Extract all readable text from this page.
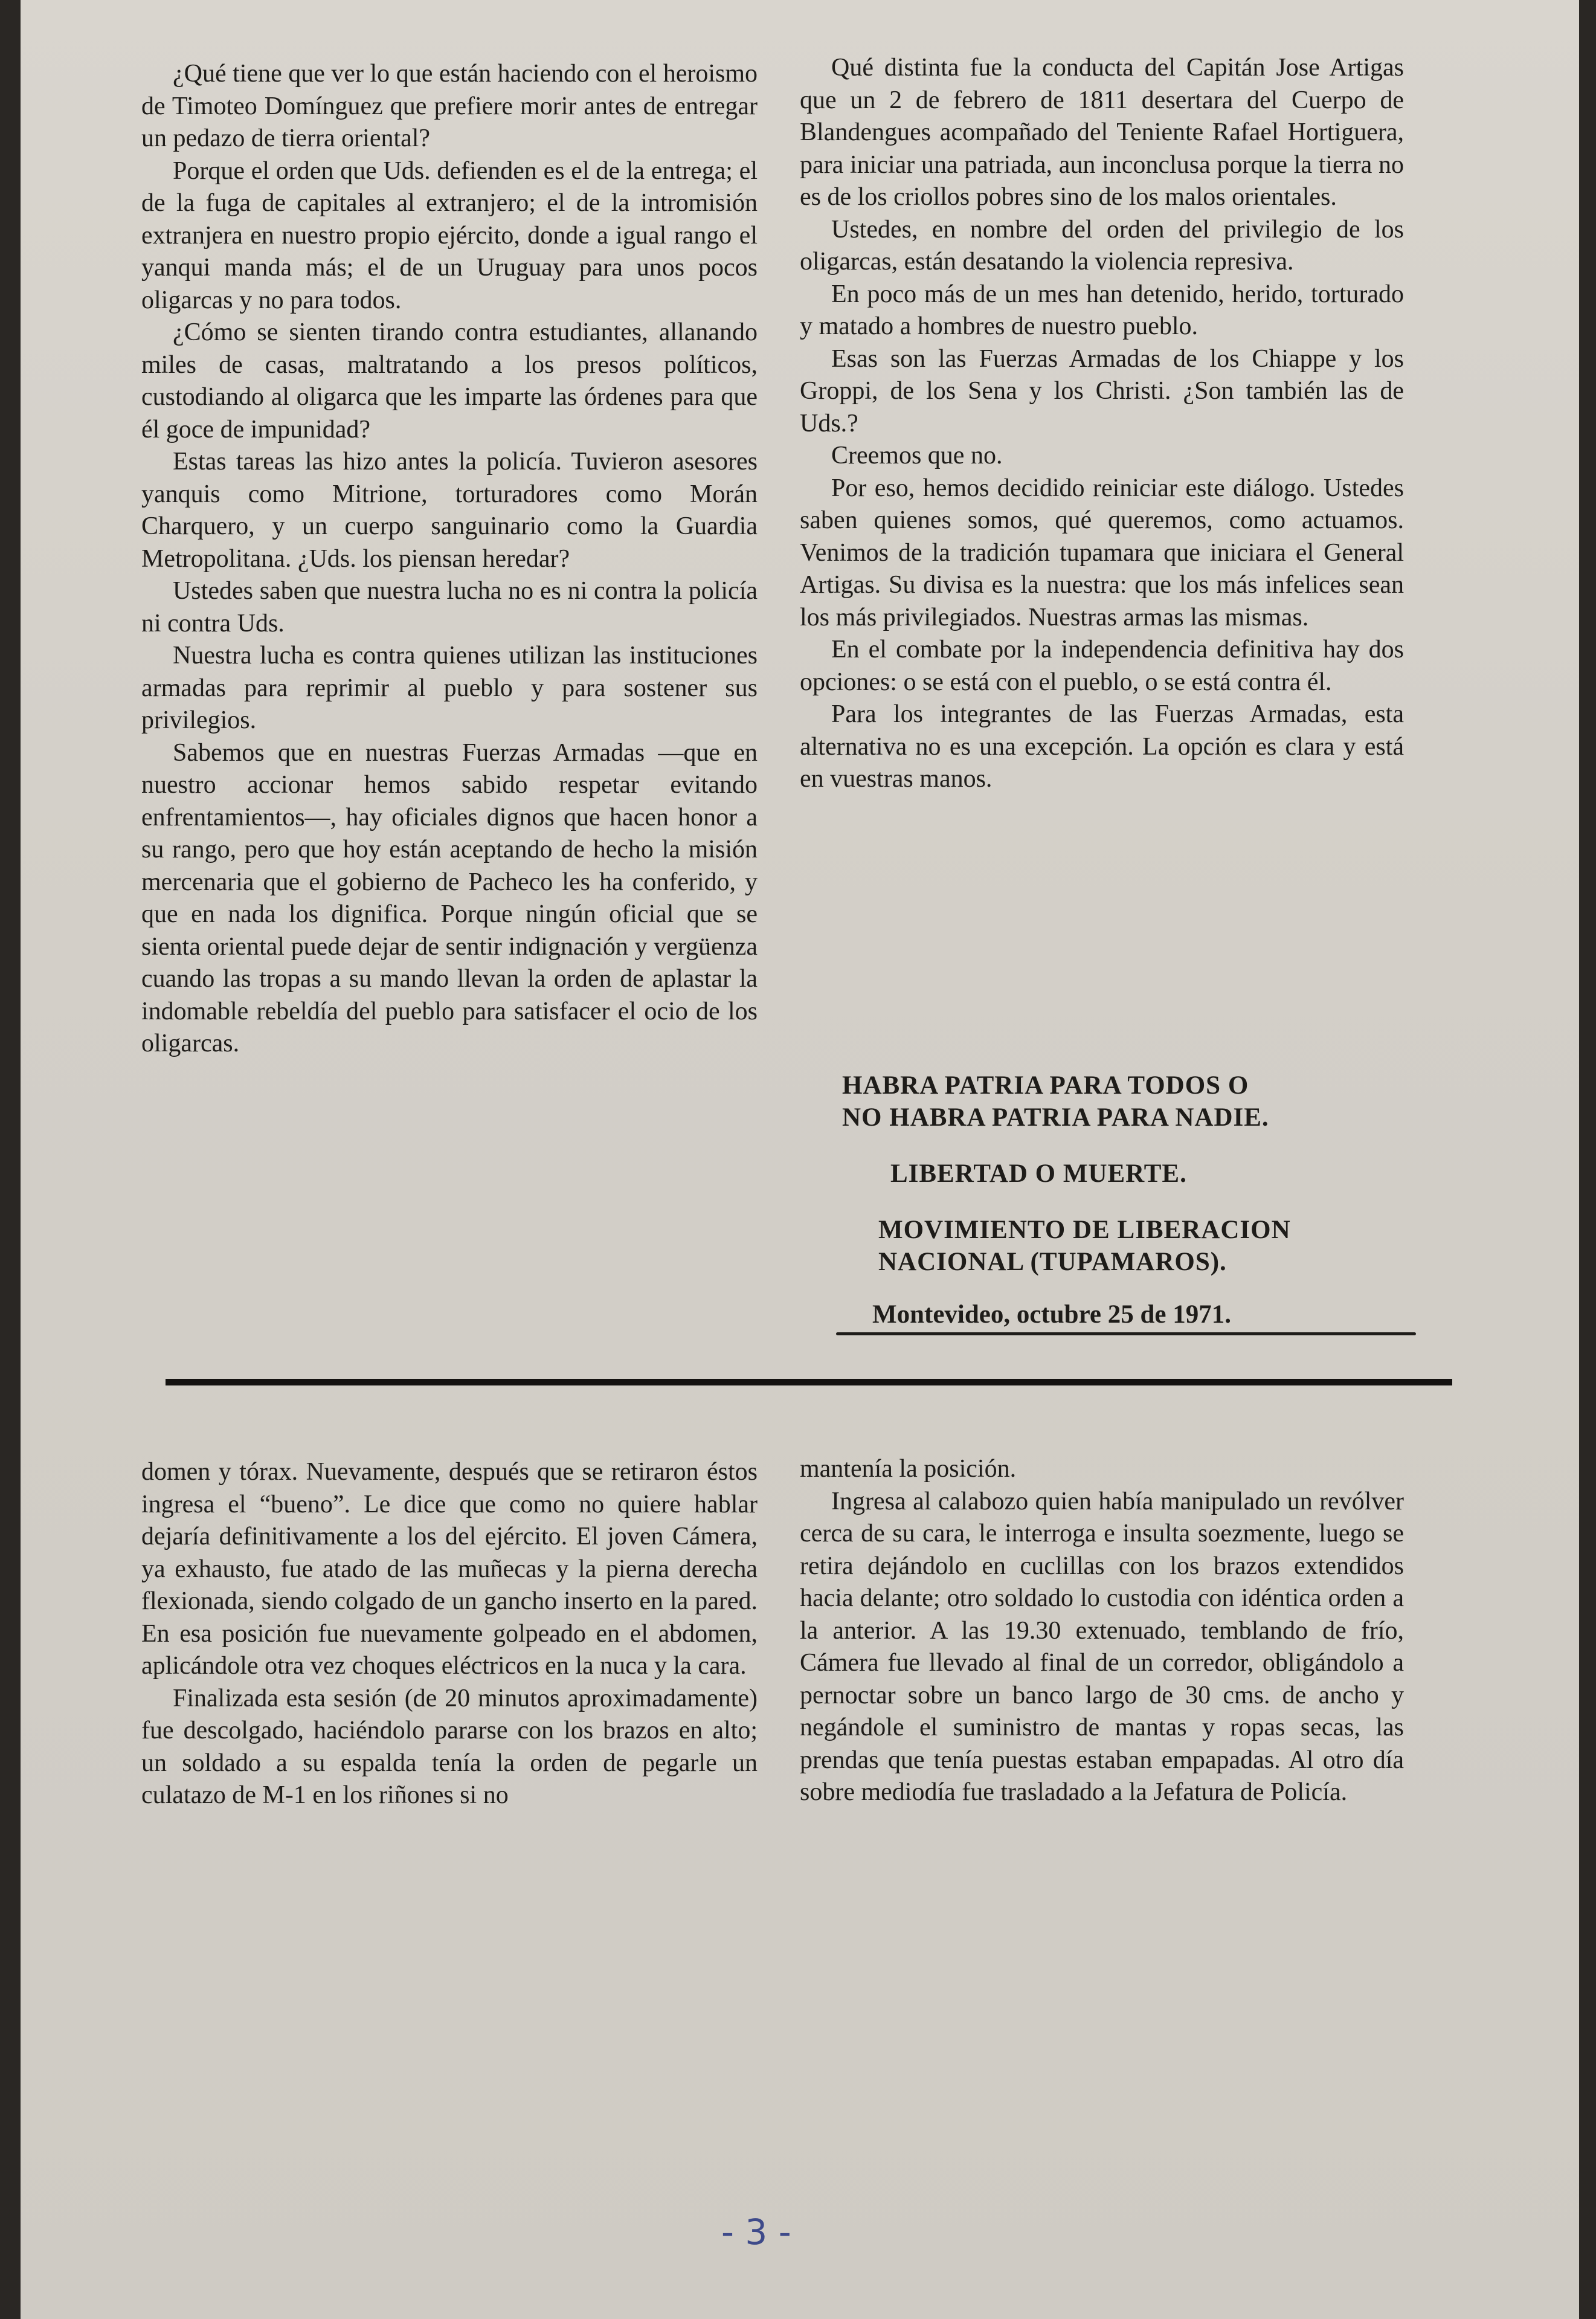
¿Qué tiene que ver lo que están haciendo con el heroismo de Timoteo Domínguez que prefiere morir antes de entregar un pedazo de tierra oriental?

Porque el orden que Uds. defienden es el de la entrega; el de la fuga de capitales al extranjero; el de la intromisión extranjera en nuestro propio ejército, donde a igual rango el yanqui manda más; el de un Uruguay para unos pocos oligarcas y no para todos.

¿Cómo se sienten tirando contra estudiantes, allanando miles de casas, maltratando a los presos políticos, custodiando al oligarca que les imparte las órdenes para que él goce de impunidad?

Estas tareas las hizo antes la policía. Tuvieron asesores yanquis como Mitrione, torturadores como Morán Charquero, y un cuerpo sanguinario como la Guardia Metropolitana. ¿Uds. los piensan heredar?

Ustedes saben que nuestra lucha no es ni contra la policía ni contra Uds.

Nuestra lucha es contra quienes utilizan las instituciones armadas para reprimir al pueblo y para sostener sus privilegios.

Sabemos que en nuestras Fuerzas Armadas —que en nuestro accionar hemos sabido respetar evitando enfrentamientos—, hay oficiales dignos que hacen honor a su rango, pero que hoy están aceptando de hecho la misión mercenaria que el gobierno de Pacheco les ha conferido, y que en nada los dignifica. Porque ningún oficial que se sienta oriental puede dejar de sentir indignación y vergüenza cuando las tropas a su mando llevan la orden de aplastar la indomable rebeldía del pueblo para satisfacer el ocio de los oligarcas.

Qué distinta fue la conducta del Capitán Jose Artigas que un 2 de febrero de 1811 desertara del Cuerpo de Blandengues acompañado del Teniente Rafael Hortiguera, para iniciar una patriada, aun inconclusa porque la tierra no es de los criollos pobres sino de los malos orientales.

Ustedes, en nombre del orden del privilegio de los oligarcas, están desatando la violencia represiva.

En poco más de un mes han detenido, herido, torturado y matado a hombres de nuestro pueblo.

Esas son las Fuerzas Armadas de los Chiappe y los Groppi, de los Sena y los Christi. ¿Son también las de Uds.?

Creemos que no.

Por eso, hemos decidido reiniciar este diálogo. Ustedes saben quienes somos, qué queremos, como actuamos. Venimos de la tradición tupamara que iniciara el General Artigas. Su divisa es la nuestra: que los más infelices sean los más privilegiados. Nuestras armas las mismas.

En el combate por la independencia definitiva hay dos opciones: o se está con el pueblo, o se está contra él.

Para los integrantes de las Fuerzas Armadas, esta alternativa no es una excepción. La opción es clara y está en vuestras manos.

HABRA PATRIA PARA TODOS O
NO HABRA PATRIA PARA NADIE.
LIBERTAD O MUERTE.
MOVIMIENTO DE LIBERACION
NACIONAL (TUPAMAROS).
Montevideo, octubre 25 de 1971.

domen y tórax. Nuevamente, después que se retiraron éstos ingresa el “bueno”. Le dice que como no quiere hablar dejaría definitivamente a los del ejército. El joven Cámera, ya exhausto, fue atado de las muñecas y la pierna derecha flexionada, siendo colgado de un gancho inserto en la pared. En esa posición fue nuevamente golpeado en el abdomen, aplicándole otra vez choques eléctricos en la nuca y la cara.

Finalizada esta sesión (de 20 minutos aproximadamente) fue descolgado, haciéndolo pararse con los brazos en alto; un soldado a su espalda tenía la orden de pegarle un culatazo de M-1 en los riñones si no

mantenía la posición.

Ingresa al calabozo quien había manipulado un revólver cerca de su cara, le interroga e insulta soezmente, luego se retira dejándolo en cuclillas con los brazos extendidos hacia delante; otro soldado lo custodia con idéntica orden a la anterior. A las 19.30 extenuado, temblando de frío, Cámera fue llevado al final de un corredor, obligándolo a pernoctar sobre un banco largo de 30 cms. de ancho y negándole el suministro de mantas y ropas secas, las prendas que tenía puestas estaban empapadas. Al otro día sobre mediodía fue trasladado a la Jefatura de Policía.

- 3 -
